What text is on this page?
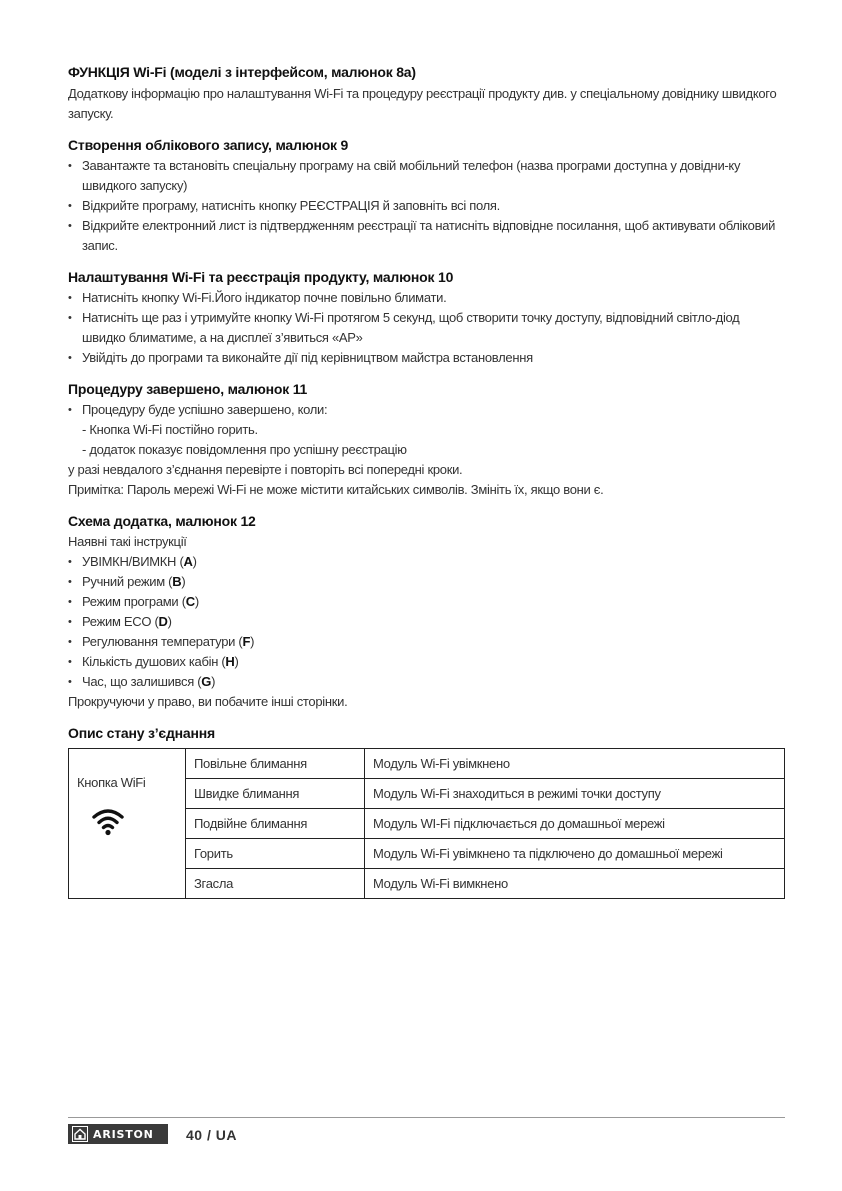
ФУНКЦІЯ Wi-Fi (моделі з інтерфейсом, малюнок 8а)

Додаткову інформацію про налаштування Wi-Fi та процедуру реєстрації продукту див. у спеціальному довіднику швидкого запуску.

Створення облікового запису, малюнок 9

• Завантажте та встановіть спеціальну програму на свій мобільний телефон (назва програми доступна у довідни-ку швидкого запуску)
• Відкрийте програму, натисніть кнопку РЕЄСТРАЦІЯ й заповніть всі поля.
• Відкрийте електронний лист із підтвердженням реєстрації та натисніть відповідне посилання, щоб активувати обліковий запис.

Налаштування Wi-Fi та реєстрація продукту, малюнок 10

• Натисніть кнопку Wi-Fi.Його індикатор почне повільно блимати.
• Натисніть ще раз і утримуйте кнопку Wi-Fi протягом 5 секунд, щоб створити точку доступу, відповідний світло-діод швидко блиматиме, а на дисплеї з’явиться «AP»
• Увійдіть до програми та виконайте дії під керівництвом майстра встановлення

Процедуру завершено, малюнок 11

• Процедуру буде успішно завершено, коли:
- Кнопка Wi-Fi постійно горить.
- додаток показує повідомлення про успішну реєстрацію

у разі невдалого з’єднання перевірте і повторіть всі попередні кроки.

Примітка: Пароль мережі Wi-Fi не може містити китайських символів. Змініть їх, якщо вони є.

Схема додатка, малюнок 12

Наявні такі інструкції

• УВІМКН/ВИМКН (A)
• Ручний режим (B)
• Режим програми (C)
• Режим ECO (D)
• Регулювання температури (F)
• Кількість душових кабін (H)
• Час, що залишився (G)

Прокручуючи у право, ви побачите інші сторінки.

Опис стану з’єднання

Кнопка WiFi	Повільне блимання	Модуль Wi-Fi увімкнено
	Швидке блимання	Модуль Wi-Fi знаходиться в режимі точки доступу
	Подвійне блимання	Модуль WI-Fi підключається до домашньої мережі
	Горить	Модуль Wi-Fi увімкнено та підключено до домашньої мережі
	Згасла	Модуль Wi-Fi вимкнено
ARISTON 40 / UA
